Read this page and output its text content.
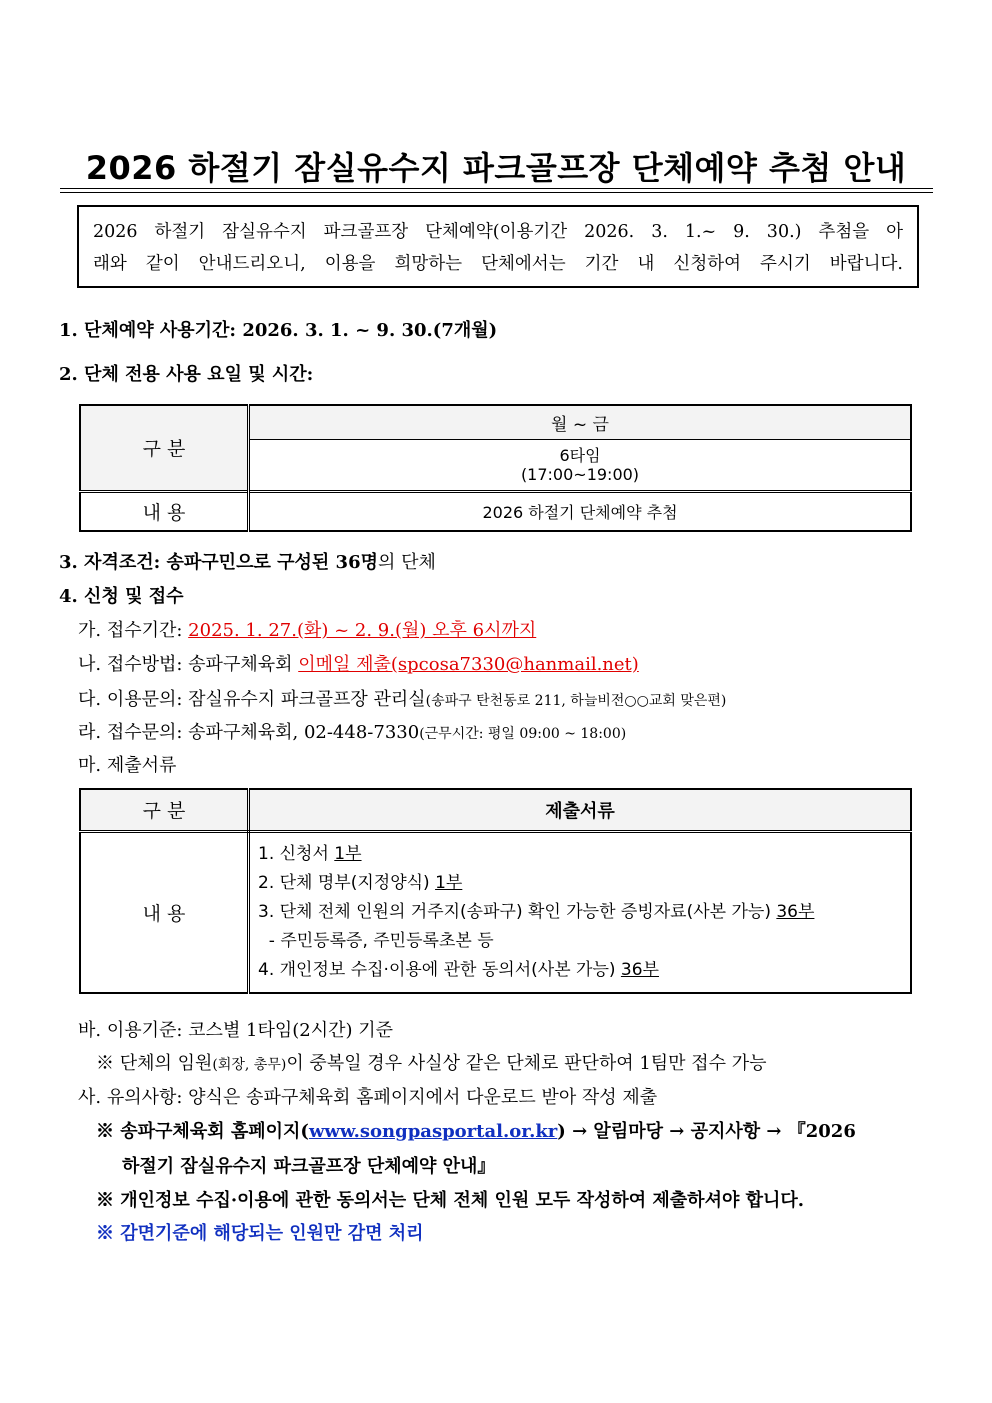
2026 하절기 잠실유수지 파크골프장 단체예약 추첨 안내
2026 하절기 잠실유수지 파크골프장 단체예약(이용기간 2026. 3. 1.~ 9. 30.) 추첨을 아
래와 같이 안내드리오니, 이용을 희망하는 단체에서는 기간 내 신청하여 주시기 바랍니다.
1. 단체예약 사용기간: 2026. 3. 1. ~ 9. 30.(7개월)
2. 단체 전용 사용 요일 및 시간:
구 분	월 ~ 금

	6타임
(17:00~19:00)

내 용	2026 하절기 단체예약 추첨
3. 자격조건: 송파구민으로 구성된 36명의 단체
4. 신청 및 접수
가. 접수기간: 2025. 1. 27.(화) ~ 2. 9.(월) 오후 6시까지
나. 접수방법: 송파구체육회 이메일 제출(spcosa7330@hanmail.net)
다. 이용문의: 잠실유수지 파크골프장 관리실(송파구 탄천동로 211, 하늘비전○○교회 맞은편)
라. 접수문의: 송파구체육회, 02-448-7330(근무시간: 평일 09:00 ~ 18:00)
마. 제출서류
구 분	제출서류
내 용	1. 신청서 1부
2. 단체 명부(지정양식) 1부
3. 단체 전체 인원의 거주지(송파구) 확인 가능한 증빙자료(사본 가능) 36부
- 주민등록증, 주민등록초본 등
4. 개인정보 수집·이용에 관한 동의서(사본 가능) 36부
바. 이용기준: 코스별 1타임(2시간) 기준
※ 단체의 임원(회장, 총무)이 중복일 경우 사실상 같은 단체로 판단하여 1팀만 접수 가능
사. 유의사항: 양식은 송파구체육회 홈페이지에서 다운로드 받아 작성 제출
※ 송파구체육회 홈페이지(www.songpasportal.or.kr) → 알림마당 → 공지사항 → 『2026
하절기 잠실유수지 파크골프장 단체예약 안내』
※ 개인정보 수집·이용에 관한 동의서는 단체 전체 인원 모두 작성하여 제출하셔야 합니다.
※ 감면기준에 해당되는 인원만 감면 처리
